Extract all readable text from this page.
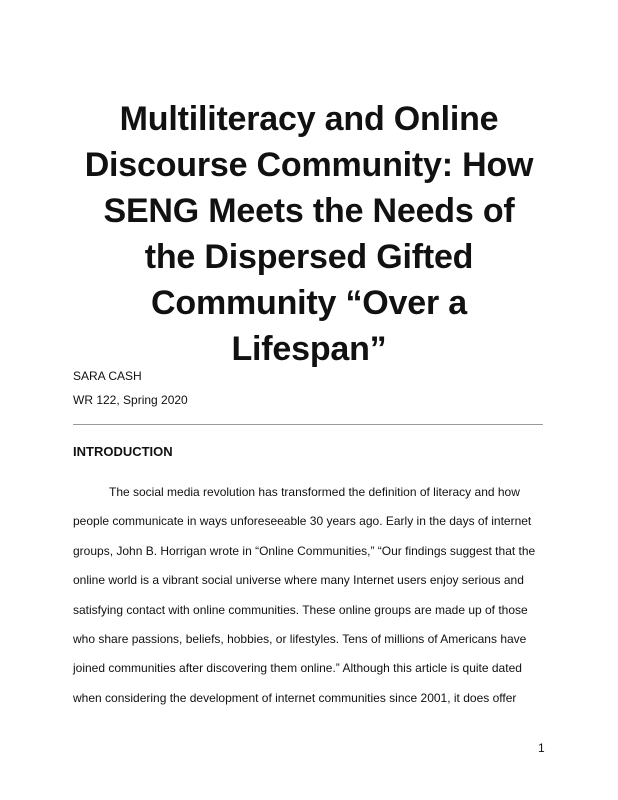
Multiliteracy and Online
Discourse Community: How
SENG Meets the Needs of
the Dispersed Gifted
Community “Over a
Lifespan”
SARA CASH
WR 122, Spring 2020
INTRODUCTION
The social media revolution has transformed the definition of literacy and how
people communicate in ways unforeseeable 30 years ago. Early in the days of internet
groups, John B. Horrigan wrote in “Online Communities,” “Our findings suggest that the
online world is a vibrant social universe where many Internet users enjoy serious and
satisfying contact with online communities. These online groups are made up of those
who share passions, beliefs, hobbies, or lifestyles. Tens of millions of Americans have
joined communities after discovering them online.” Although this article is quite dated
when considering the development of internet communities since 2001, it does offer
1
